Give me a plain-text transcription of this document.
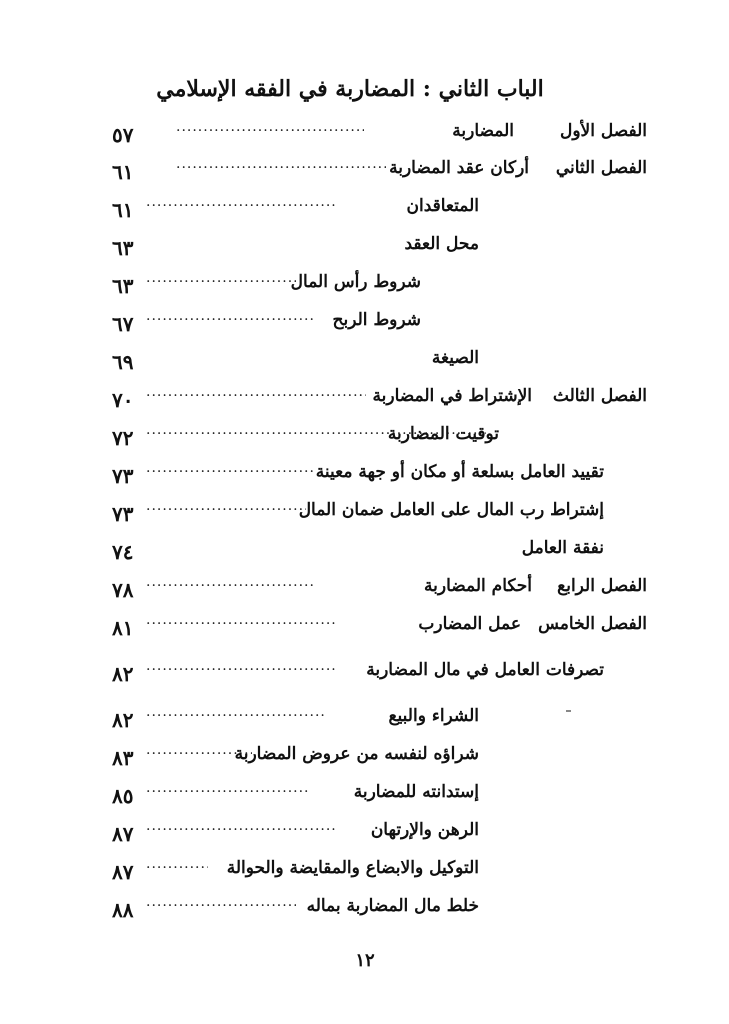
الباب الثاني : المضاربة في الفقه الإسلامي
٥٧ .....	المضاربة	الفصل الأول
٦١ .....	أركان عقد المضاربة الفصل الثاني
٦١ .....	المتعاقدان
٦٣	محل العقد
٦٣ .....	شروط رأس المال
٦٧ .....	شروط الربح
٦٩	الصيغة
٧٠ .....	الإشتراط في المضاربة الفصل الثالث
٧٢ .....	توقيت المضاربة
٧٣ .....	تقييد العامل بسلعة أو مكان أو جهة معينة
٧٣ .....	إشتراط رب المال على العامل ضمان المال
٧٤	نفقة العامل
٧٨ .....	أحكام المضاربة الفصل الرابع
٨١ .....	عمل المضارب الفصل الخامس
٨٢ .....	تصرفات العامل في مال المضاربة
٨٢ .....	الشراء والبيع
٨٣ .....	شراؤه لنفسه من عروض المضاربة
٨٥ .....	إستدانته للمضاربة
٨٧ .....	الرهن والإرتهان
٨٧ .....	التوكيل والابضاع والمقايضة والحوالة
٨٨ .....	خلط مال المضاربة بماله
١٢
